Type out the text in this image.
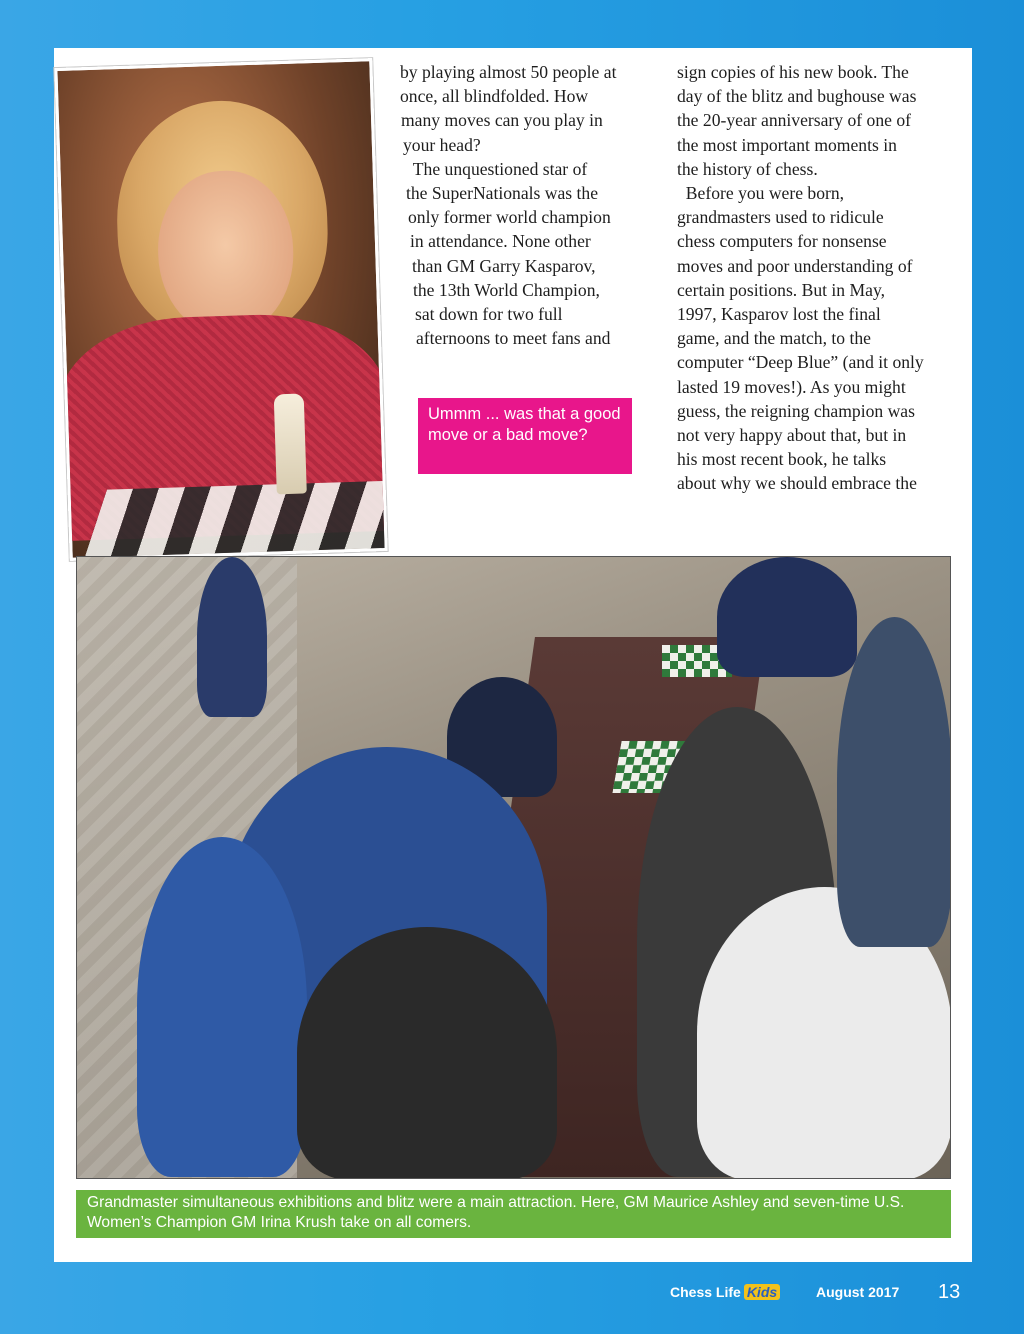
by playing almost 50 people at
once, all blindfolded. How
many moves can you play in
your head?
The unquestioned star of
the SuperNationals was the
only former world champion
in attendance. None other
than GM Garry Kasparov,
the 13th World Champion,
sat down for two full
afternoons to meet fans and
sign copies of his new book. The
day of the blitz and bughouse was
the 20-year anniversary of one of
the most important moments in
the history of chess.
Before you were born,
grandmasters used to ridicule
chess computers for nonsense
moves and poor understanding of
certain positions. But in May,
1997, Kasparov lost the final
game, and the match, to the
computer “Deep Blue” (and it only
lasted 19 moves!). As you might
guess, the reigning champion was
not very happy about that, but in
his most recent book, he talks
about why we should embrace the
Ummm ... was that a good move or a bad move?
Grandmaster simultaneous exhibitions and blitz were a main attraction. Here, GM Maurice Ashley and seven-time U.S. Women’s Champion GM Irina Krush take on all comers.
Chess Life Kids	August 2017 13
